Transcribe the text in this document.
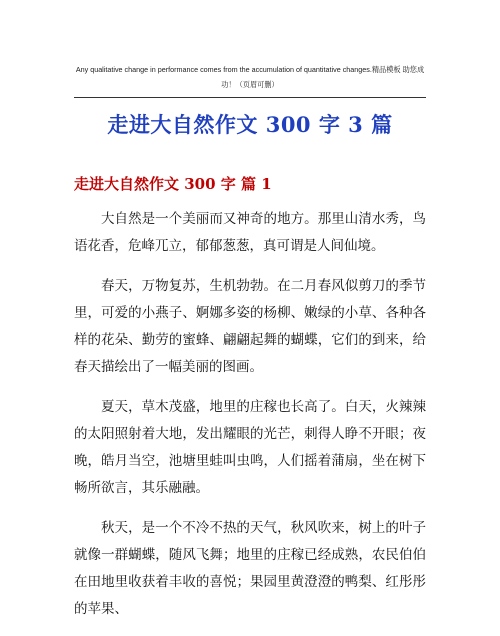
Any qualitative change in performance comes from the accumulation of quantitative changes.精品模板 助您成
功！（页眉可删）
走进大自然作文 300 字 3 篇
走进大自然作文 300 字 篇 1

大自然是一个美丽而又神奇的地方。那里山清水秀，鸟语花香，危峰兀立，郁郁葱葱，真可谓是人间仙境。

春天，万物复苏，生机勃勃。在二月春风似剪刀的季节里，可爱的小燕子、婀娜多姿的杨柳、嫩绿的小草、各种各样的花朵、勤劳的蜜蜂、翩翩起舞的蝴蝶，它们的到来，给春天描绘出了一幅美丽的图画。

夏天，草木茂盛，地里的庄稼也长高了。白天，火辣辣的太阳照射着大地，发出耀眼的光芒，刺得人睁不开眼；夜晚，皓月当空，池塘里蛙叫虫鸣，人们摇着蒲扇，坐在树下畅所欲言，其乐融融。

秋天，是一个不冷不热的天气，秋风吹来，树上的叶子就像一群蝴蝶，随风飞舞；地里的庄稼已经成熟，农民伯伯在田地里收获着丰收的喜悦；果园里黄澄澄的鸭梨、红彤彤的苹果、
